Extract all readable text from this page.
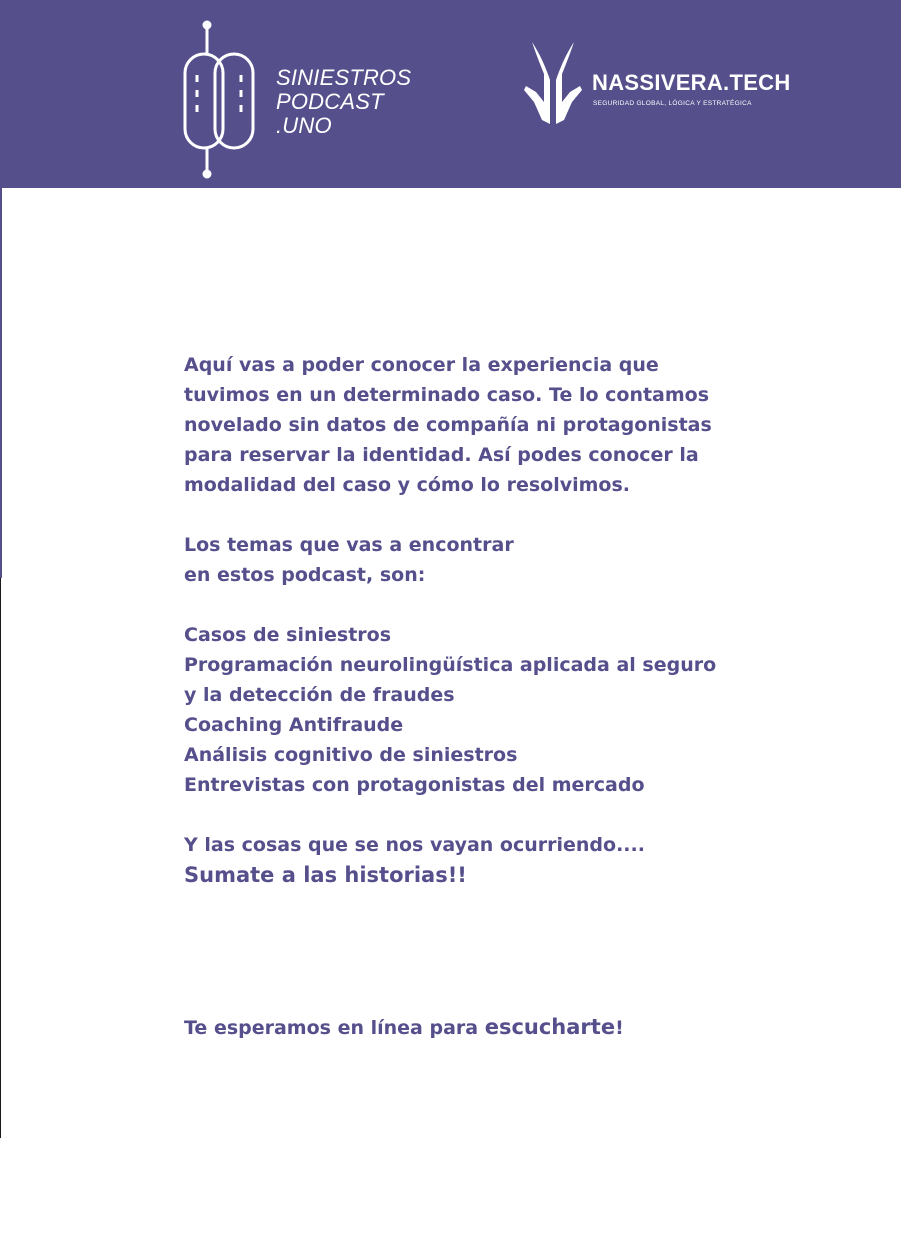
SINIESTROS
PODCAST
.UNO
NASSIVERA.TECH
SEGURIDAD GLOBAL, LÓGICA Y ESTRATÉGICA

Aquí vas a poder conocer la experiencia que

tuvimos en un determinado caso. Te lo contamos

novelado sin datos de compañía ni protagonistas

para reservar la identidad. Así podes conocer la

modalidad del caso y cómo lo resolvimos.

Los temas que vas a encontrar

en estos podcast, son:

Casos de siniestros

Programación neurolingüística aplicada al seguro

y la detección de fraudes

Coaching Antifraude

Análisis cognitivo de siniestros

Entrevistas con protagonistas del mercado

Y las cosas que se nos vayan ocurriendo....

Sumate a las historias!!

Te esperamos en línea para escucharte!
